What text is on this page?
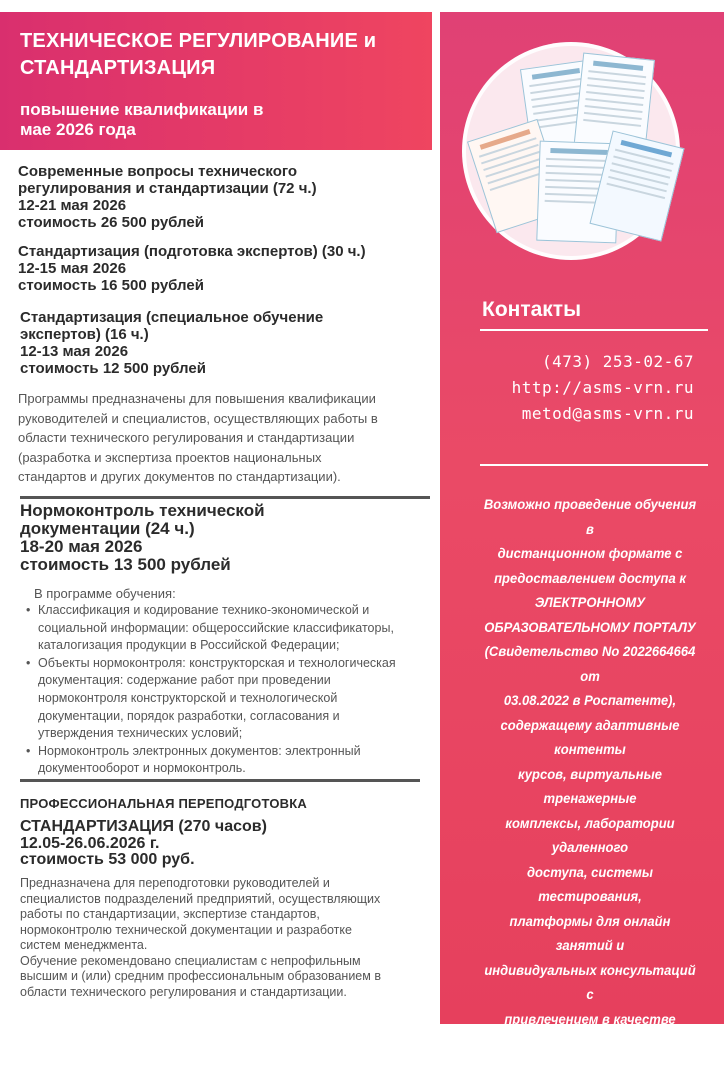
ТЕХНИЧЕСКОЕ РЕГУЛИРОВАНИЕ и
СТАНДАРТИЗАЦИЯ
повышение квалификации в
мае 2026 года
Современные вопросы технического
регулирования и стандартизации (72 ч.)
12-21 мая 2026
стоимость 26 500 рублей
Стандартизация (подготовка экспертов) (30 ч.)
12-15 мая 2026
стоимость 16 500 рублей
Стандартизация (специальное обучение
экспертов) (16 ч.)
12-13 мая 2026
стоимость 12 500 рублей
Программы предназначены для повышения квалификации
руководителей и специалистов, осуществляющих работы в
области технического регулирования и стандартизации
(разработка и экспертиза проектов национальных
стандартов и других документов по стандартизации).
Нормоконтроль технической
документации (24 ч.)
18-20 мая 2026
стоимость 13 500 рублей
В программе обучения:
• Классификация и кодирование технико-экономической и
социальной информации: общероссийские классификаторы,
каталогизация продукции в Российской Федерации;
• Объекты нормоконтроля: конструкторская и технологическая
документация: содержание работ при проведении
нормоконтроля конструкторской и технологической
документации, порядок разработки, согласования и
утверждения технических условий;
• Нормоконтроль электронных документов: электронный
документооборот и нормоконтроль.
ПРОФЕССИОНАЛЬНАЯ ПЕРЕПОДГОТОВКА
СТАНДАРТИЗАЦИЯ (270 часов)
12.05-26.06.2026 г.
стоимость 53 000 руб.
Предназначена для переподготовки руководителей и
специалистов подразделений предприятий, осуществляющих
работы по стандартизации, экспертизе стандартов,
нормоконтролю технической документации и разработке
систем менеджмента.
Обучение рекомендовано специалистам с непрофильным
высшим и (или) средним профессиональным образованием в
области технического регулирования и стандартизации.
Контакты
(473) 253-02-67
http://asms-vrn.ru
metod@asms-vrn.ru
Возможно проведение обучения в
дистанционном формате с
предоставлением доступа к
ЭЛЕКТРОННОМУ
ОБРАЗОВАТЕЛЬНОМУ ПОРТАЛУ
(Свидетельство No 2022664664 от
03.08.2022 в Роспатенте),
содержащему адаптивные контенты
курсов, виртуальные тренажерные
комплексы, лаборатории удаленного
доступа, системы тестирования,
платформы для онлайн занятий и
индивидуальных консультаций с
привлечением в качестве
преподавателей ВЕДУЩИХ
СПЕЦИАЛИСТОВ – ПРАКТИКОВ
